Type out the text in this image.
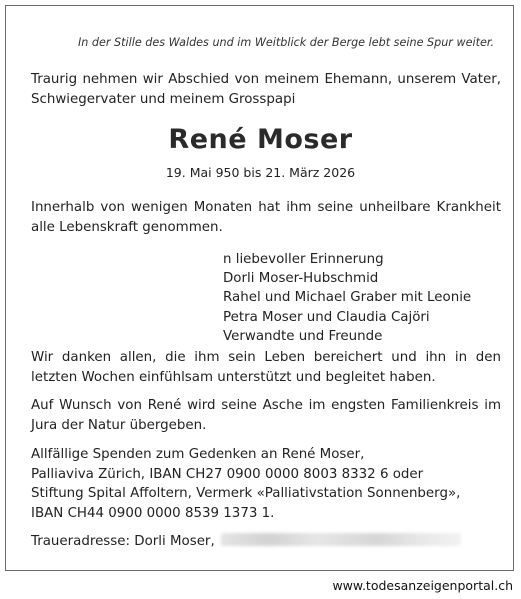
In der Stille des Waldes und im Weitblick der Berge lebt seine Spur weiter.
Traurig nehmen wir Abschied von meinem Ehemann, unserem Vater, Schwiegervater und meinem Grosspapi
René Moser
19. Mai 950 bis 21. März 2026
Innerhalb von wenigen Monaten hat ihm seine unheilbare Krankheit alle Lebenskraft genommen.
n liebevoller Erinnerung
Dorli Moser-Hubschmid
Rahel und Michael Graber mit Leonie
Petra Moser und Claudia Cajöri
Verwandte und Freunde
Wir danken allen, die ihm sein Leben bereichert und ihn in den letzten Wochen einfühlsam unterstützt und begleitet haben.
Auf Wunsch von René wird seine Asche im engsten Familienkreis im Jura der Natur übergeben.
Allfällige Spenden zum Gedenken an René Moser,
Palliaviva Zürich, IBAN CH27 0900 0000 8003 8332 6 oder
Stiftung Spital Affoltern, Vermerk «Palliativstation Sonnenberg»,
IBAN CH44 0900 0000 8539 1373 1.
Traueradresse: Dorli Moser,
www.todesanzeigenportal.ch
